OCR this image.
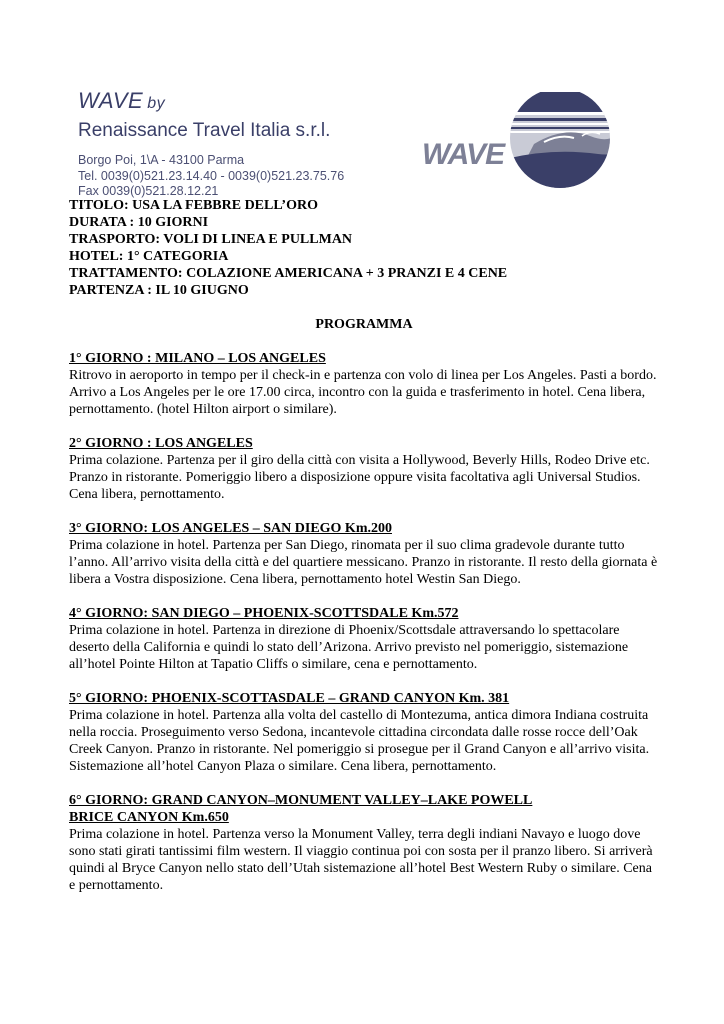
WAVE by
Renaissance Travel Italia s.r.l.
Borgo Poi, 1\A - 43100 Parma
Tel. 0039(0)521.23.14.40 - 0039(0)521.23.75.76
Fax 0039(0)521.28.12.21
WAVE
TITOLO: USA LA FEBBRE DELL’ORO
DURATA : 10 GIORNI
TRASPORTO: VOLI DI LINEA E PULLMAN
HOTEL: 1° CATEGORIA
TRATTAMENTO: COLAZIONE AMERICANA + 3 PRANZI E 4 CENE
PARTENZA : IL 10 GIUGNO
PROGRAMMA
1° GIORNO : MILANO – LOS ANGELES

Ritrovo in aeroporto in tempo per il check-in e partenza con volo di linea per Los Angeles. Pasti a bordo. Arrivo a Los Angeles per le ore 17.00 circa, incontro con la guida e trasferimento in hotel. Cena libera, pernottamento. (hotel Hilton airport o similare).

2° GIORNO : LOS ANGELES

Prima colazione. Partenza per il giro della città con visita a Hollywood, Beverly Hills, Rodeo Drive etc. Pranzo in ristorante. Pomeriggio libero a disposizione oppure visita facoltativa agli Universal Studios. Cena libera, pernottamento.

3° GIORNO: LOS ANGELES – SAN DIEGO Km.200

Prima colazione in hotel. Partenza per San Diego, rinomata per il suo clima gradevole durante tutto l’anno. All’arrivo visita della città e del quartiere messicano. Pranzo in ristorante. Il resto della giornata è libera a Vostra disposizione. Cena libera, pernottamento hotel Westin San Diego.

4° GIORNO: SAN DIEGO – PHOENIX-SCOTTSDALE Km.572

Prima colazione in hotel. Partenza in direzione di Phoenix/Scottsdale attraversando lo spettacolare deserto della California e quindi lo stato dell’Arizona. Arrivo previsto nel pomeriggio, sistemazione all’hotel Pointe Hilton at Tapatio Cliffs o similare, cena e pernottamento.

5° GIORNO: PHOENIX-SCOTTASDALE – GRAND CANYON Km. 381

Prima colazione in hotel. Partenza alla volta del castello di Montezuma, antica dimora Indiana costruita nella roccia. Proseguimento verso Sedona, incantevole cittadina circondata dalle rosse rocce dell’Oak Creek Canyon. Pranzo in ristorante. Nel pomeriggio si prosegue per il Grand Canyon e all’arrivo visita. Sistemazione all’hotel Canyon Plaza o similare. Cena libera, pernottamento.

6° GIORNO: GRAND CANYON–MONUMENT VALLEY–LAKE POWELL
BRICE CANYON Km.650

Prima colazione in hotel. Partenza verso la Monument Valley, terra degli indiani Navayo e luogo dove sono stati girati tantissimi film western. Il viaggio continua poi con sosta per il pranzo libero. Si arriverà quindi al Bryce Canyon nello stato dell’Utah sistemazione all’hotel Best Western Ruby o similare. Cena e pernottamento.
